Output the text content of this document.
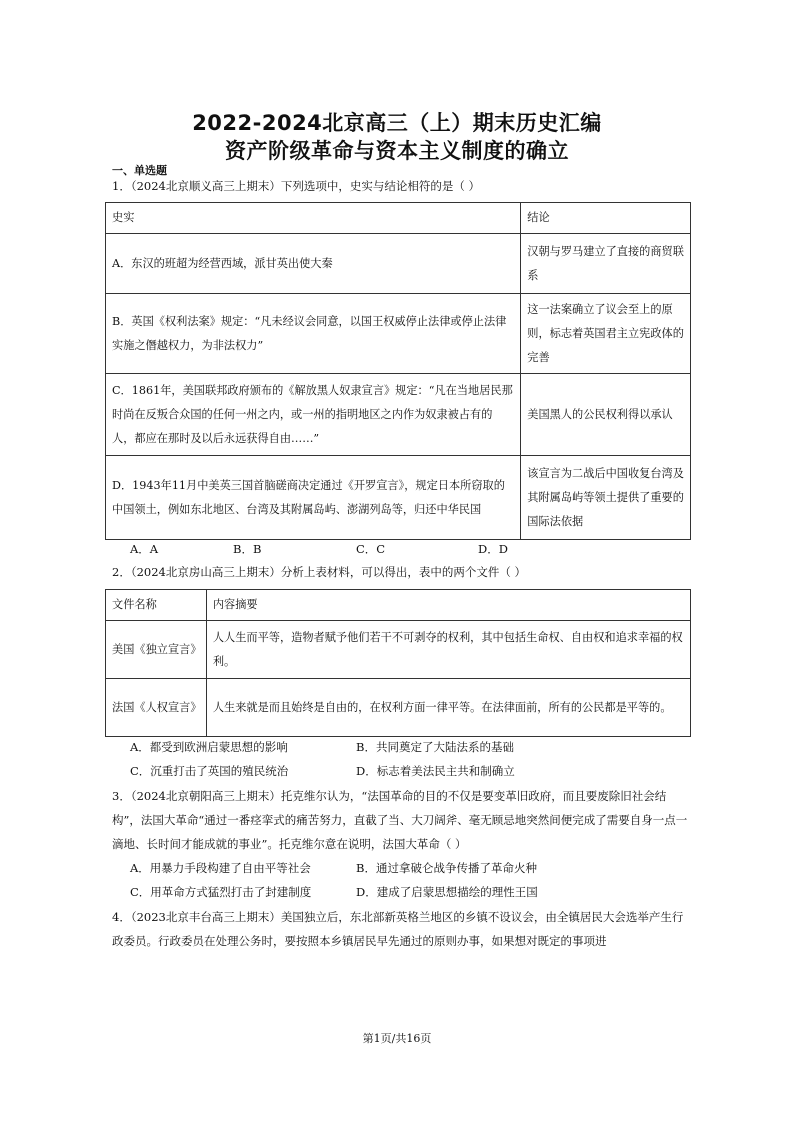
2022-2024北京高三（上）期末历史汇编
资产阶级革命与资本主义制度的确立
一、单选题
1．（2024北京顺义高三上期末）下列选项中，史实与结论相符的是（ ）
史实	结论
A．东汉的班超为经营西域，派甘英出使大秦	汉朝与罗马建立了直接的商贸联系
B．英国《权利法案》规定：“凡未经议会同意，以国王权威停止法律或停止法律实施之僭越权力，为非法权力”	这一法案确立了议会至上的原则，标志着英国君主立宪政体的完善
C．1861年，美国联邦政府颁布的《解放黑人奴隶宣言》规定：“凡在当地居民那时尚在反叛合众国的任何一州之内，或一州的指明地区之内作为奴隶被占有的人，都应在那时及以后永远获得自由……”	美国黑人的公民权利得以承认
D．1943年11月中美英三国首脑磋商决定通过《开罗宣言》，规定日本所窃取的中国领土，例如东北地区、台湾及其附属岛屿、澎湖列岛等，归还中华民国	该宣言为二战后中国收复台湾及其附属岛屿等领土提供了重要的国际法依据
A．A	B．B	C．C	D．D
2．（2024北京房山高三上期末）分析上表材料，可以得出，表中的两个文件（ ）
文件名称	内容摘要
美国《独立宣言》	人人生而平等，造物者赋予他们若干不可剥夺的权利，其中包括生命权、自由权和追求幸福的权利。
法国《人权宣言》	人生来就是而且始终是自由的，在权利方面一律平等。在法律面前，所有的公民都是平等的。
A．都受到欧洲启蒙思想的影响	B．共同奠定了大陆法系的基础
C．沉重打击了英国的殖民统治	D．标志着美法民主共和制确立
3．（2024北京朝阳高三上期末）托克维尔认为，“法国革命的目的不仅是要变革旧政府，而且要废除旧社会结构”，法国大革命“通过一番痉挛式的痛苦努力，直截了当、大刀阔斧、毫无顾忌地突然间便完成了需要自身一点一滴地、长时间才能成就的事业”。托克维尔意在说明，法国大革命（ ）
A．用暴力手段构建了自由平等社会	B．通过拿破仑战争传播了革命火种
C．用革命方式猛烈打击了封建制度	D．建成了启蒙思想描绘的理性王国
4．（2023北京丰台高三上期末）美国独立后，东北部新英格兰地区的乡镇不设议会，由全镇居民大会选举产生行政委员。行政委员在处理公务时，要按照本乡镇居民早先通过的原则办事，如果想对既定的事项进
第1页/共16页
